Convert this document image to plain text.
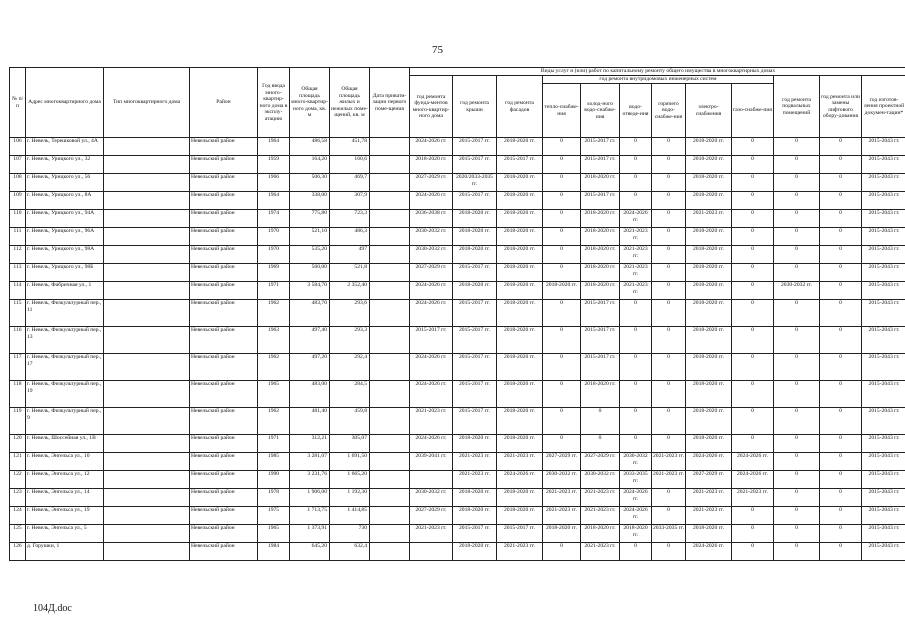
75
№ п/п	Адрес многоквартирного дома	Тип многоквартирного дома	Район	Год ввода много-квартир-ного дома в эксплу-атацию	Общая площадь много-квартир-ного дома, кв. м	Общая площадь жилых и нежилых поме-щений, кв. м	Дата привати-зации первого поме-щения	Виды услуг и (или) работ по капитальному ремонту общего имущества в многоквартирных домах											
								год ремонта фунда-ментов много-квартир-ного дома	год ремонта крыши	год ремонта фасадов	год ремонта внутридомовых инженерных систем						год ремонта подвальных помещений	год ремонта или замены лифтового обору-дования	год изготов-ления проектной докумен-тации*
											тепло-снабже-ния	холод-ного водо-снабже-ния	водо-отведе-ния	горячего водо-снабже-ния	электро-снабжения	газо-снабже-ния			
106	г. Невель, Терешковой ул., 4А		Невельский район	1964	486,58	451,78		2024-2026 гг.	2015-2017 гг.	2018-2020 гг.	0	2015-2017 гг.	0	0	2018-2020 гг.	0	0	0	2015-2043 гг.
107	г. Невель, Урицкого ул., 32		Невельский район	1959	164,20	160,6		2018-2020 гг.	2015-2017 гг.	2015-2017 гг.	0	2015-2017 гг.	0	0	2018-2020 гг.	0	0	0	2015-2043 гг.
108	г. Невель, Урицкого ул., 56		Невельский район	1966	506,30	469,7		2027-2029 гг.	2020/2033-2035 гг.	2018-2020 гг.	0	2018-2020 гг.	0	0	2018-2020 гг.	0	0	0	2015-2043 гг.
109	г. Невель, Урицкого ул., 8А		Невельский район	1964	338,00	307,9		2024-2026 гг.	2015-2017 гг.	2018-2020 гг.	0	2015-2017 гг.	0	0	2018-2020 гг.	0	0	0	2015-2043 гг.
110	г. Невель, Урицкого ул., 94А		Невельский район	1974	775,80	723,3		2036-2038 гг.	2018-2020 гг.	2018-2020 гг.	0	2018-2020 гг.	2024-2026 гг.	0	2021-2023 гг.	0	0	0	2015-2043 гг.
111	г. Невель, Урицкого ул., 96А		Невельский район	1970	521,10	486,3		2030-2032 гг.	2018-2020 гг.	2018-2020 гг.	0	2018-2020 гг.	2021-2023 гг.	0	2018-2020 гг.	0	0	0	2015-2043 гг.
112	г. Невель, Урицкого ул., 98А		Невельский район	1970	535,20	497		2030-2032 гг.	2018-2020 гг.	2018-2020 гг.	0	2018-2020 гг.	2021-2023 гг.	0	2018-2020 гг.	0	0	0	2015-2043 гг.
113	г. Невель, Урицкого ул., 98Б		Невельский район	1969	560,00	521,8		2027-2029 гг.	2015-2017 гг.	2018-2020 гг.	0	2018-2020 гг.	2021-2023 гг.	0	2018-2020 гг.	0	0	0	2015-2043 гг.
114	г. Невель, Фабричная ул., 1		Невельский район	1971	3 584,70	2 352,40		2024-2026 гг.	2018-2020 гг.	2018-2020 гг.	2018-2020 гг.	2018-2020 гг.	2021-2023 гг.	0	2018-2020 гг.	0	2030-2032 гг.	0	2015-2043 гг.
115	г. Невель, Физкультурный пер., 11		Невельский район	1962	483,70	293,6		2024-2026 гг.	2015-2017 гг.	2018-2020 гг.	0	2015-2017 гг.	0	0	2018-2020 гг.	0	0	0	2015-2043 гг.
116	г. Невель, Физкультурный пер., 13		Невельский район	1963	497,40	293,3		2015-2017 гг.	2015-2017 гг.	2018-2020 гг.	0	2015-2017 гг.	0	0	2018-2020 гг.	0	0	0	2015-2043 гг.
117	г. Невель, Физкультурный пер., 17		Невельский район	1962	497,20	292,4		2024-2026 гг.	2015-2017 гг.	2018-2020 гг.	0	2015-2017 гг.	0	0	2018-2020 гг.	0	0	0	2015-2043 гг.
118	г. Невель, Физкультурный пер., 19		Невельский район	1965	483,00	284,5		2024-2026 гг.	2015-2017 гг.	2018-2020 гг.	0	2018-2020 гг.	0	0	2018-2020 гг.	0	0	0	2015-2043 гг.
119	г. Невель, Физкультурный пер., 9		Невельский район	1962	481,40	459,8		2021-2023 гг.	2015-2017 гг.	2018-2020 гг.	0	0	0	0	2018-2020 гг.	0	0	0	2015-2043 гг.
120	г. Невель, Шоссейная ул., 1В		Невельский район	1971	312,21	305,07		2024-2026 гг.	2018-2020 гг.	2018-2020 гг.	0	0	0	0	2018-2020 гг.	0	0	0	2015-2043 гг.
121	г. Невель, Энгельса ул., 10		Невельский район	1985	3 281,07	1 691,50		2039-2041 гг.	2021-2023 гг.	2021-2023 гг.	2027-2029 гг.	2027-2029 гг.	2030-2032 гг.	2021-2023 гг.	2024-2026 гг.	2024-2026 гг.	0	0	2015-2043 гг.
122	г. Невель, Энгельса ул., 12		Невельский район	1990	3 231,76	1 665,20			2021-2023 гг.	2024-2026 гг.	2030-2032 гг.	2030-2032 гг.	2033-2035 гг.	2021-2023 гг.	2027-2029 гг.	2024-2026 гг.	0	0	2015-2043 гг.
123	г. Невель, Энгельса ул., 14		Невельский район	1978	1 906,00	1 192,30		2030-2032 гг.	2018-2020 гг.	2018-2020 гг.	2021-2023 гг.	2021-2023 гг.	2024-2026 гг.	0	2021-2023 гг.	2021-2023 гг.	0	0	2015-2043 гг.
124	г. Невель, Энгельса ул., 19		Невельский район	1975	1 713,75	1 414,85		2027-2029 гг.	2018-2020 гг.	2018-2020 гг.	2021-2023 гг.	2021-2023 гг.	2024-2026 гг.	0	2021-2023 гг.	0	0	0	2015-2043 гг.
125	г. Невель, Энгельса ул., 5		Невельский район	1965	1 373,91	730		2021-2023 гг.	2015-2017 гг.	2015-2017 гг.	2018-2020 гг.	2018-2020 гг.	2018-2020 гг.	2033-2035 гг.	2018-2020 гг.	0	0	0	2015-2043 гг.
126	д. Горушки, 1		Невельский район	1984	645,20	632,4			2018-2020 гг.	2021-2023 гг.	0	2021-2023 гг.	0	0	2024-2026 гг.	0	0	0	2015-2043 гг.
104Д.doc
